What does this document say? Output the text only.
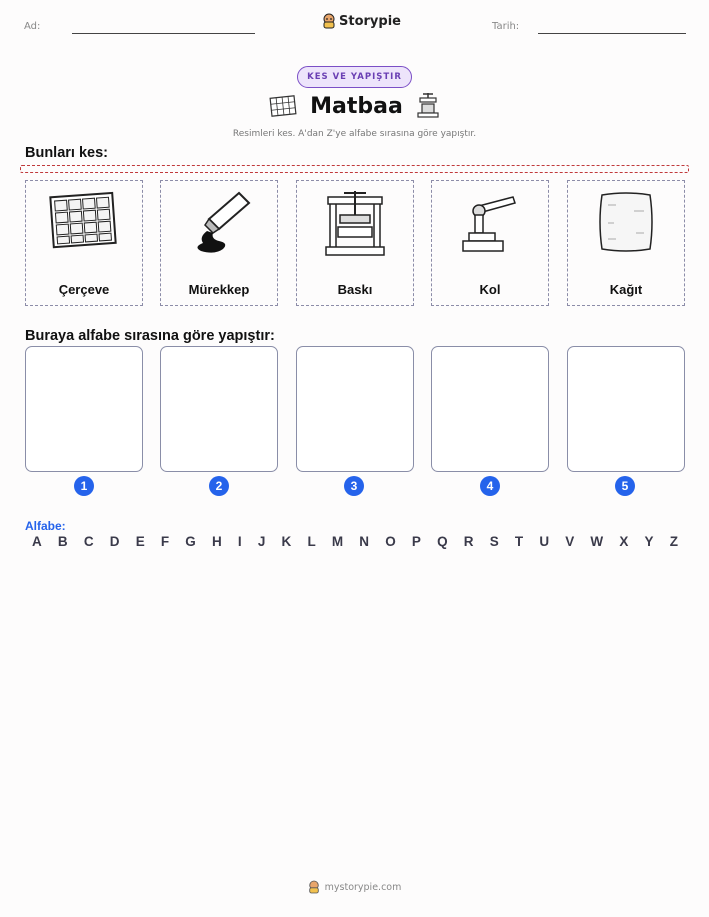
Ad:	Storypie	Tarih:
KES VE YAPIŞTIR
Matbaa
Resimleri kes. A'dan Z'ye alfabe sırasına göre yapıştır.
Bunları kes:
Çerçeve	Mürekkep	Baskı	Kol	Kağıt
Buraya alfabe sırasına göre yapıştır:
1	2	3	4	5
Alfabe:
A B C D E F G H I J K L M N O P Q R S T U V W X Y Z
mystorypie.com
